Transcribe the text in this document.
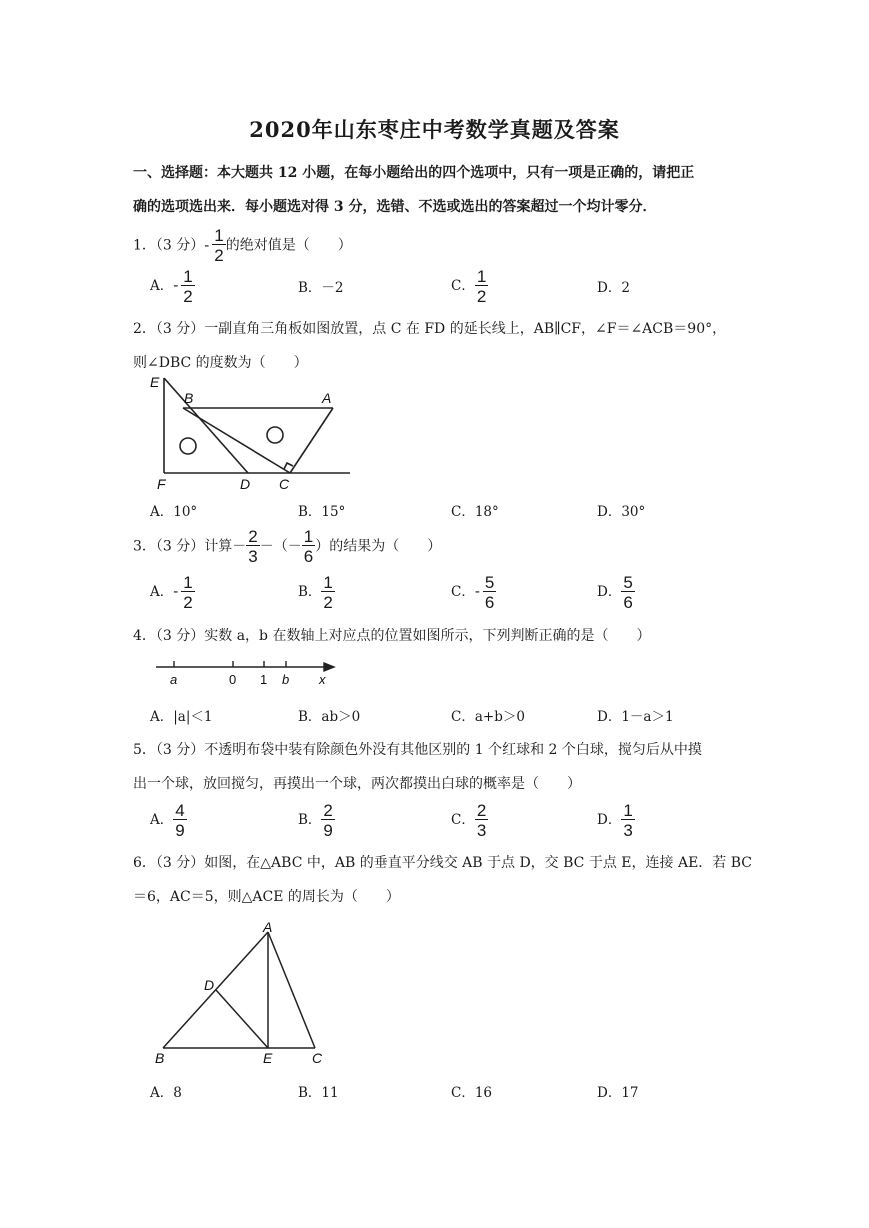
2020年山东枣庄中考数学真题及答案
一、选择题：本大题共 12 小题，在每小题给出的四个选项中，只有一项是正确的，请把正
确的选项选出来．每小题选对得 3 分，选错、不选或选出的答案超过一个均计零分．
1．（3 分）- $\frac{1}{2}$ 的绝对值是（　　）
A．- $\frac{1}{2}$	B．－2	C． $\frac{1}{2}$	D．2
2．（3 分）一副直角三角板如图放置，点 C 在 FD 的延长线上，AB∥CF，∠F＝∠ACB＝90°，
则∠DBC 的度数为（　　）
E
B	A
F	D C
A．10°	B．15°	C．18°	D．30°
3．（3 分）计算－ $\frac{2}{3}$ －（－ $\frac{1}{6}$ ）的结果为（　　）
A．- $\frac{1}{2}$	B． $\frac{1}{2}$	C．- $\frac{5}{6}$	D． $\frac{5}{6}$
4．（3 分）实数 a，b 在数轴上对应点的位置如图所示，下列判断正确的是（　　）
a	0 1 b x
A．|a|＜1	B．ab＞0	C．a+b＞0	D．1－a＞1
5．（3 分）不透明布袋中装有除颜色外没有其他区别的 1 个红球和 2 个白球，搅匀后从中摸
出一个球，放回搅匀，再摸出一个球，两次都摸出白球的概率是（　　）
A． $\frac{4}{9}$	B． $\frac{2}{9}$	C． $\frac{2}{3}$	D． $\frac{1}{3}$
6．（3 分）如图，在△ABC 中，AB 的垂直平分线交 AB 于点 D，交 BC 于点 E，连接 AE．若 BC
＝6，AC＝5，则△ACE 的周长为（　　）
A
D
B	E	C
A．8	B．11	C．16	D．17
